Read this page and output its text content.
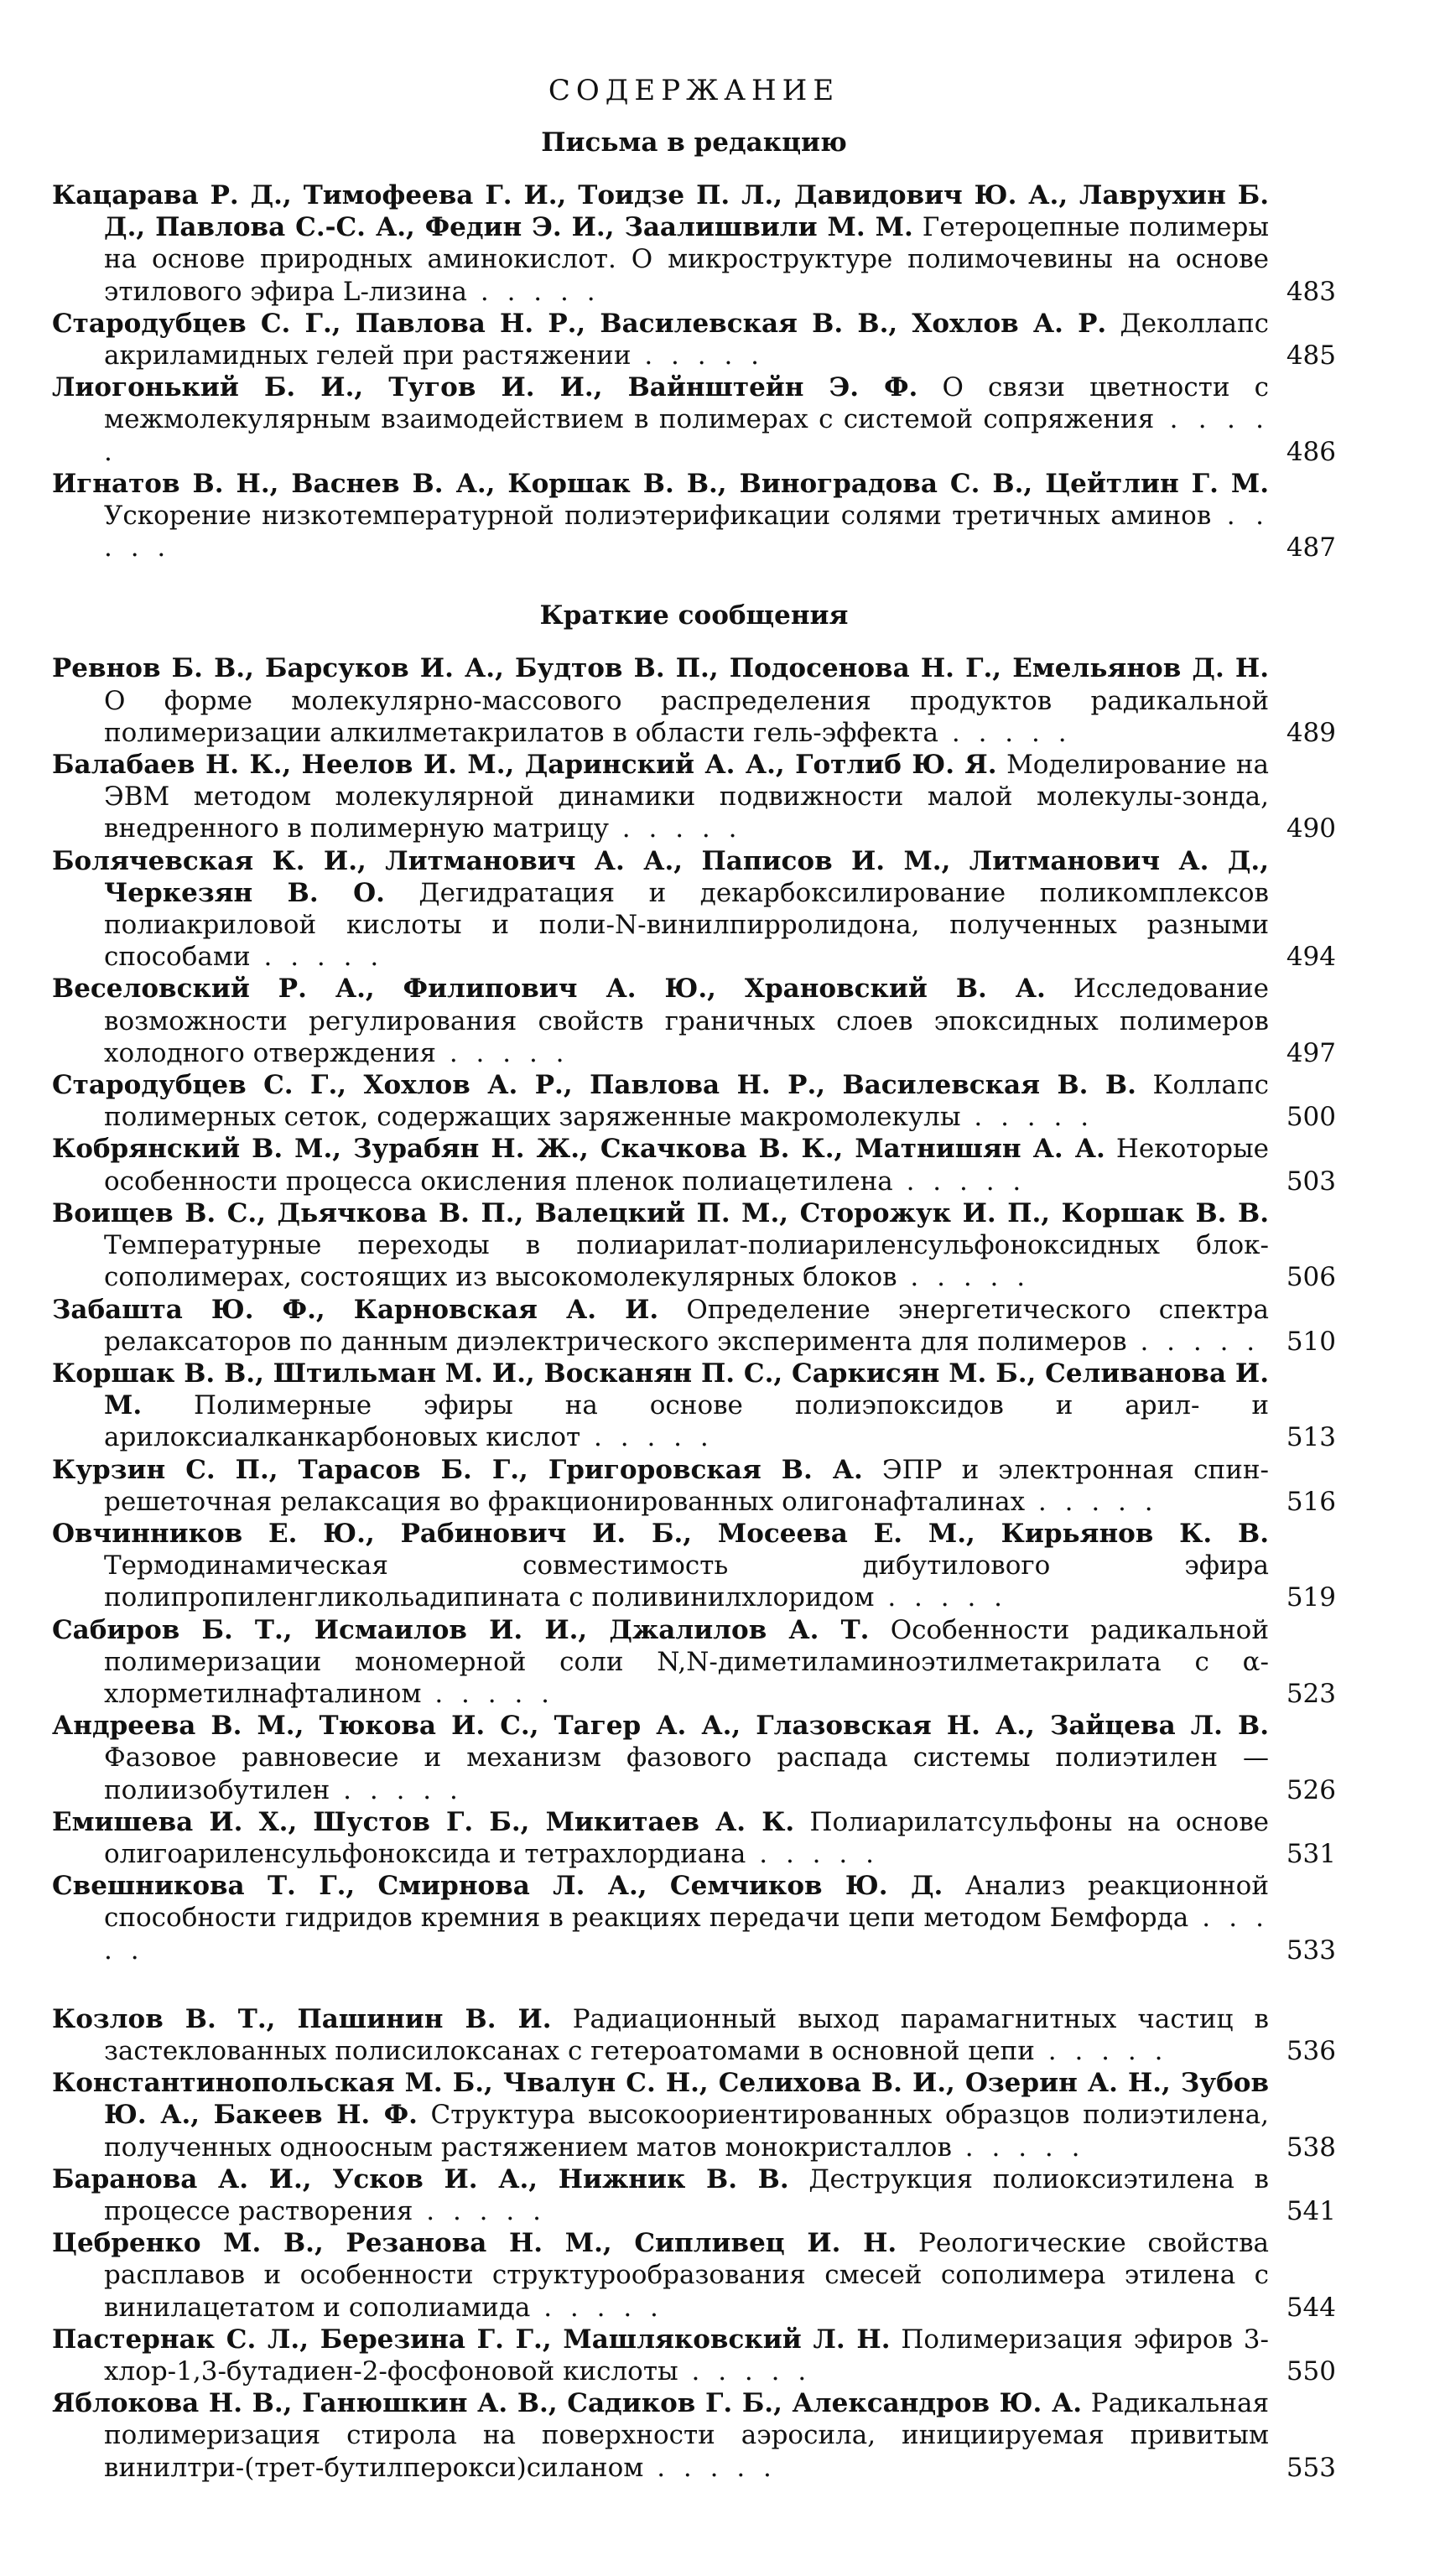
СОДЕРЖАНИЕ
Письма в редакцию
Кацарава Р. Д., Тимофеева Г. И., Тоидзе П. Л., Давидович Ю. А., Лаврухин Б. Д., Павлова С.-С. А., Федин Э. И., Заалишвили М. М. Гетероцепные полимеры на основе природных аминокислот. О микроструктуре полимочевины на основе этилового эфира L-лизина . . . . .	483
Стародубцев С. Г., Павлова Н. Р., Василевская В. В., Хохлов А. Р. Деколлапс акриламидных гелей при растяжении . . . . .	485
Лиогонький Б. И., Тугов И. И., Вайнштейн Э. Ф. О связи цветности с межмолекулярным взаимодействием в полимерах с системой сопряжения . . . . .	486
Игнатов В. Н., Васнев В. А., Коршак В. В., Виноградова С. В., Цейтлин Г. М. Ускорение низкотемпературной полиэтерификации солями третичных аминов . . . . .	487
Краткие сообщения
Ревнов Б. В., Барсуков И. А., Будтов В. П., Подосенова Н. Г., Емельянов Д. Н. О форме молекулярно-массового распределения продуктов радикальной полимеризации алкилметакрилатов в области гель-эффекта . . . . .	489
Балабаев Н. К., Неелов И. М., Даринский А. А., Готлиб Ю. Я. Моделирование на ЭВМ методом молекулярной динамики подвижности малой молекулы-зонда, внедренного в полимерную матрицу . . . . .	490
Болячевская К. И., Литманович А. А., Паписов И. М., Литманович А. Д., Черкезян В. О. Дегидратация и декарбоксилирование поликомплексов полиакриловой кислоты и поли-N-винилпирролидона, полученных разными способами . . . . .	494
Веселовский Р. А., Филипович А. Ю., Храновский В. А. Исследование возможности регулирования свойств граничных слоев эпоксидных полимеров холодного отверждения . . . . .	497
Стародубцев С. Г., Хохлов А. Р., Павлова Н. Р., Василевская В. В. Коллапс полимерных сеток, содержащих заряженные макромолекулы . . . . .	500
Кобрянский В. М., Зурабян Н. Ж., Скачкова В. К., Матнишян А. А. Некоторые особенности процесса окисления пленок полиацетилена . . . . .	503
Воищев В. С., Дьячкова В. П., Валецкий П. М., Сторожук И. П., Коршак В. В. Температурные переходы в полиарилат-полиариленсульфоноксидных блок-сополимерах, состоящих из высокомолекулярных блоков . . . . .	506
Забашта Ю. Ф., Карновская А. И. Определение энергетического спектра релаксаторов по данным диэлектрического эксперимента для полимеров . . . . .	510
Коршак В. В., Штильман М. И., Восканян П. С., Саркисян М. Б., Селиванова И. М. Полимерные эфиры на основе полиэпоксидов и арил- и арилоксиалканкарбоновых кислот . . . . .	513
Курзин С. П., Тарасов Б. Г., Григоровская В. А. ЭПР и электронная спин-решеточная релаксация во фракционированных олигонафталинах . . . . .	516
Овчинников Е. Ю., Рабинович И. Б., Мосеева Е. М., Кирьянов К. В. Термодинамическая совместимость дибутилового эфира полипропиленгликольадипината с поливинилхлоридом . . . . .	519
Сабиров Б. Т., Исмаилов И. И., Джалилов А. Т. Особенности радикальной полимеризации мономерной соли N,N-диметиламиноэтилметакрилата с α-хлорметилнафталином . . . . .	523
Андреева В. М., Тюкова И. С., Тагер А. А., Глазовская Н. А., Зайцева Л. В. Фазовое равновесие и механизм фазового распада системы полиэтилен — полиизобутилен . . . . .	526
Емишева И. Х., Шустов Г. Б., Микитаев А. К. Полиарилатсульфоны на основе олигоариленсульфоноксида и тетрахлордиана . . . . .	531
Свешникова Т. Г., Смирнова Л. А., Семчиков Ю. Д. Анализ реакционной способности гидридов кремния в реакциях передачи цепи методом Бемфорда . . . . .	533
Козлов В. Т., Пашинин В. И. Радиационный выход парамагнитных частиц в застеклованных полисилоксанах с гетероатомами в основной цепи . . . . .	536
Константинопольская М. Б., Чвалун С. Н., Селихова В. И., Озерин А. Н., Зубов Ю. А., Бакеев Н. Ф. Структура высокоориентированных образцов полиэтилена, полученных одноосным растяжением матов монокристаллов . . . . .	538
Баранова А. И., Усков И. А., Нижник В. В. Деструкция полиоксиэтилена в процессе растворения . . . . .	541
Цебренко М. В., Резанова Н. М., Сипливец И. Н. Реологические свойства расплавов и особенности структурообразования смесей сополимера этилена с винилацетатом и сополиамида . . . . .	544
Пастернак С. Л., Березина Г. Г., Машляковский Л. Н. Полимеризация эфиров 3-хлор-1,3-бутадиен-2-фосфоновой кислоты . . . . .	550
Яблокова Н. В., Ганюшкин А. В., Садиков Г. Б., Александров Ю. А. Радикальная полимеризация стирола на поверхности аэросила, инициируемая привитым винилтри-(трет-бутилперокси)силаном . . . . .	553
